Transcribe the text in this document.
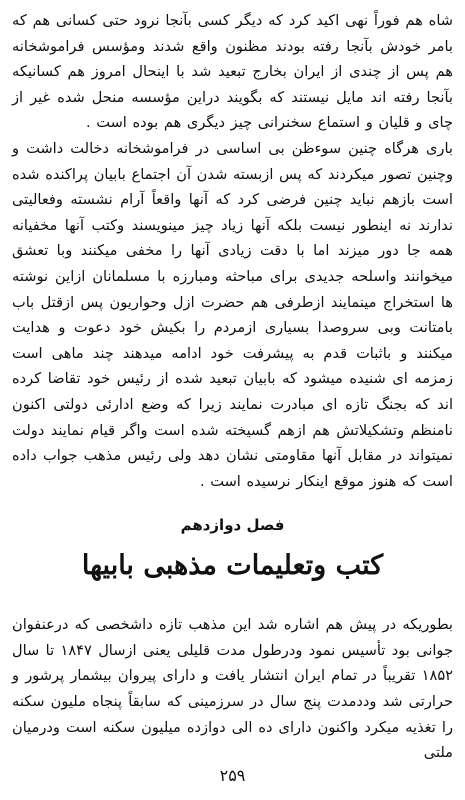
شاه هم فوراً نهی اکید کرد که دیگر کسی بآنجا نرود حتی کسانی هم که بامر خودش بآنجا رفته بودند مظنون واقع شدند ومؤسس فراموشخانه هم پس از چندی از ایران بخارج تبعید شد با اینحال امروز هم کسانیکه بآنجا رفته اند مایل نیستند که بگویند دراین مؤسسه منحل شده غیر از چای و قلیان و استماع سخنرانی چیز دیگری هم بوده است .

باری هرگاه چنین سوءظن بی اساسی در فراموشخانه دخالت داشت و وچنین تصور میکردند که پس ازبسته شدن آن اجتماع بابیان پراکنده شده است بازهم نباید چنین فرضی کرد که آنها واقعاً آرام نشسته وفعالیتی ندارند نه اینطور نیست بلکه آنها زیاد چیز مینویسند وکتب آنها مخفیانه همه جا دور میزند اما با دقت زیادی آنها را مخفی میکنند وبا تعشق میخوانند واسلحه جدیدی برای مباحثه ومبارزه با مسلمانان ازاین نوشته ها استخراج مینمایند ازطرفی هم حضرت ازل وحواریون پس ازقتل باب بامتانت وبی سروصدا بسیاری ازمردم را بکیش خود دعوت و هدایت میکنند و باثبات قدم به پیشرفت خود ادامه میدهند چند ماهی است زمزمه ای شنیده میشود که بابیان تبعید شده از رئیس خود تقاضا کرده اند که بجنگ تازه ای مبادرت نمایند زیرا که وضع ادارئی دولتی اکنون نامنظم وتشکیلاتش هم ازهم گسیخته شده است واگر قیام نمایند دولت نمیتواند در مقابل آنها مقاومتی نشان دهد ولی رئیس مذهب جواب داده است که هنوز موقع اینکار نرسیده است .

فصل دوازدهم
کتب وتعلیمات مذهبی بابیها

بطوریکه در پیش هم اشاره شد این مذهب تازه داشخصی که درعنفوان جوانی بود تأسیس نمود ودرطول مدت قلیلی یعنی ازسال ۱۸۴۷ تا سال ۱۸۵۲ تقریباً در تمام ایران انتشار یافت و دارای پیروان بیشمار پرشور و حرارتی شد وددمدت پنج سال در سرزمینی که سابقاً پنجاه ملیون سکنه را تغذیه میکرد واکنون دارای ده الی دوازده میلیون سکنه است ودرمیان ملتی

۲۵۹
